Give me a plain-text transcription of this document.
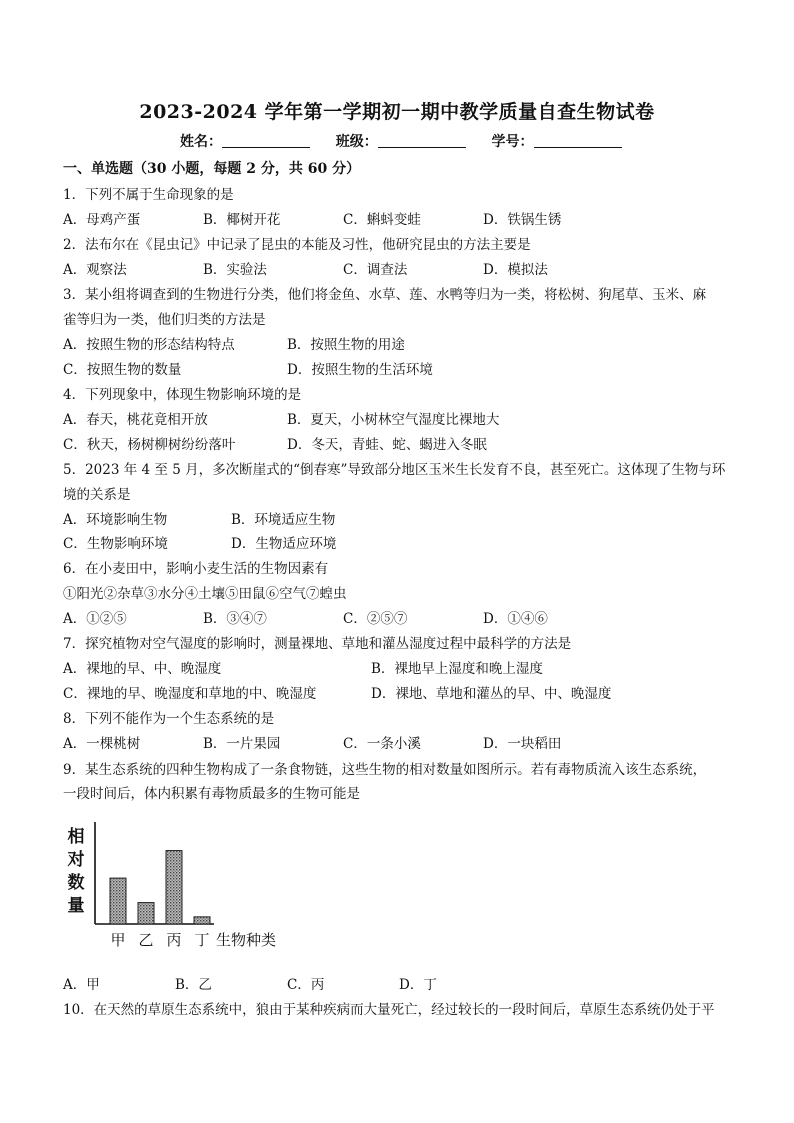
2023-2024 学年第一学期初一期中教学质量自查生物试卷
姓名：	班级：	学号：
一、单选题（30 小题，每题 2 分，共 60 分）
1．下列不属于生命现象的是
A．母鸡产蛋	B．椰树开花	C．蝌蚪变蛙	D．铁锅生锈
2．法布尔在《昆虫记》中记录了昆虫的本能及习性，他研究昆虫的方法主要是
A．观察法	B．实验法	C．调查法	D．模拟法
3．某小组将调查到的生物进行分类，他们将金鱼、水草、莲、水鸭等归为一类，将松树、狗尾草、玉米、麻
雀等归为一类，他们归类的方法是
A．按照生物的形态结构特点	B．按照生物的用途
C．按照生物的数量	D．按照生物的生活环境
4．下列现象中，体现生物影响环境的是
A．春天，桃花竟相开放	B．夏天，小树林空气湿度比裸地大
C．秋天，杨树柳树纷纷落叶	D．冬天，青蛙、蛇、蝎进入冬眠
5．2023 年 4 至 5 月，多次断崖式的“倒春寒”导致部分地区玉米生长发育不良，甚至死亡。这体现了生物与环
境的关系是
A．环境影响生物	B．环境适应生物
C．生物影响环境	D．生物适应环境
6．在小麦田中，影响小麦生活的生物因素有
①阳光②杂草③水分④土壤⑤田鼠⑥空气⑦蝗虫
A．①②⑤	B．③④⑦	C．②⑤⑦	D．①④⑥
7．探究植物对空气湿度的影响时，测量裸地、草地和灌丛湿度过程中最科学的方法是
A．裸地的早、中、晚湿度	B．裸地早上湿度和晚上湿度
C．裸地的早、晚湿度和草地的中、晚湿度	D．裸地、草地和灌丛的早、中、晚湿度
8．下列不能作为一个生态系统的是
A．一棵桃树	B．一片果园	C．一条小溪	D．一块稻田
9．某生态系统的四种生物构成了一条食物链，这些生物的相对数量如图所示。若有毒物质流入该生态系统，
一段时间后，体内积累有毒物质最多的生物可能是
相
对
数
量
甲 乙 丙 丁 生物种类
A．甲	B．乙	C．丙	D．丁
10．在天然的草原生态系统中，狼由于某种疾病而大量死亡，经过较长的一段时间后，草原生态系统仍处于平
